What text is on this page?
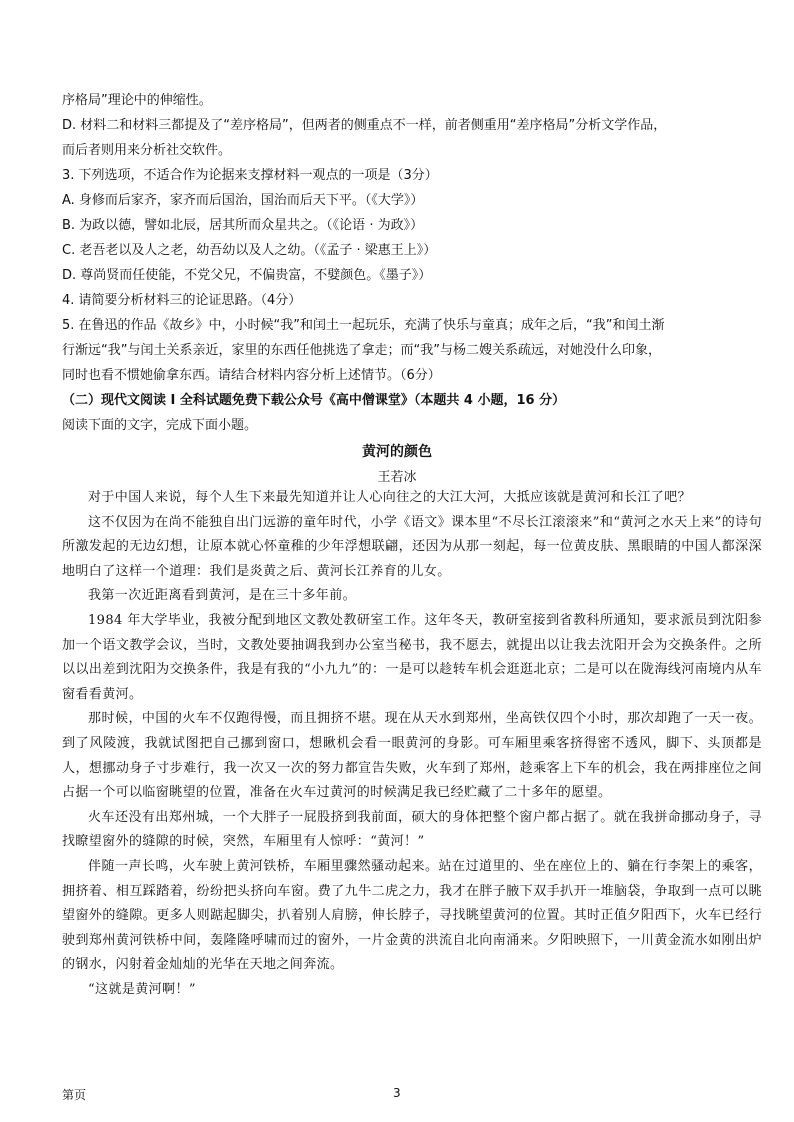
序格局”理论中的伸缩性。
D. 材料二和材料三都提及了“差序格局”，但两者的侧重点不一样，前者侧重用“差序格局”分析文学作品，
而后者则用来分析社交软件。
3. 下列选项，不适合作为论据来支撑材料一观点的一项是（3分）
A. 身修而后家齐，家齐而后国治，国治而后天下平。（《大学》）
B. 为政以德，譬如北辰，居其所而众星共之。（《论语 · 为政》）
C. 老吾老以及人之老，幼吾幼以及人之幼。（《孟子 · 梁惠王上》）
D. 尊尚贤而任使能，不党父兄，不偏贵富，不嬖颜色。《墨子》）
4. 请简要分析材料三的论证思路。（4分）
5. 在鲁迅的作品《故乡》中，小时候“我”和闰土一起玩乐，充满了快乐与童真；成年之后，“我”和闰土渐
行渐远“我”与闰土关系亲近，家里的东西任他挑选了拿走；而“我”与杨二嫂关系疏远，对她没什么印象，
同时也看不惯她偷拿东西。请结合材料内容分析上述情节。（6分）
（二）现代文阅读 I 全科试题免费下载公众号《高中僧课堂》（本题共 4 小题，16 分）
阅读下面的文字，完成下面小题。
黄河的颜色
王若冰

对于中国人来说，每个人生下来最先知道并让人心向往之的大江大河，大抵应该就是黄河和长江了吧？

这不仅因为在尚不能独自出门远游的童年时代，小学《语文》课本里“不尽长江滚滚来”和“黄河之水天上来”的诗句所激发起的无边幻想，让原本就心怀童稚的少年浮想联翩，还因为从那一刻起，每一位黄皮肤、黑眼睛的中国人都深深地明白了这样一个道理：我们是炎黄之后、黄河长江养育的儿女。

我第一次近距离看到黄河，是在三十多年前。

1984 年大学毕业，我被分配到地区文教处教研室工作。这年冬天，教研室接到省教科所通知，要求派员到沈阳参加一个语文教学会议，当时，文教处要抽调我到办公室当秘书，我不愿去，就提出以让我去沈阳开会为交换条件。之所以以出差到沈阳为交换条件，我是有我的“小九九”的：一是可以趁转车机会逛逛北京；二是可以在陇海线河南境内从车窗看看黄河。

那时候，中国的火车不仅跑得慢，而且拥挤不堪。现在从天水到郑州，坐高铁仅四个小时，那次却跑了一天一夜。到了风陵渡，我就试图把自己挪到窗口，想瞅机会看一眼黄河的身影。可车厢里乘客挤得密不透风，脚下、头顶都是人，想挪动身子寸步难行，我一次又一次的努力都宣告失败，火车到了郑州，趁乘客上下车的机会，我在两排座位之间占据一个可以临窗眺望的位置，准备在火车过黄河的时候满足我已经贮藏了二十多年的愿望。

火车还没有出郑州城，一个大胖子一屁股挤到我前面，硕大的身体把整个窗户都占据了。就在我拼命挪动身子，寻找瞭望窗外的缝隙的时候，突然，车厢里有人惊呼：“黄河！”

伴随一声长鸣，火车驶上黄河铁桥，车厢里骤然骚动起来。站在过道里的、坐在座位上的、躺在行李架上的乘客，拥挤着、相互踩踏着，纷纷把头挤向车窗。费了九牛二虎之力，我才在胖子腋下双手扒开一堆脑袋，争取到一点可以眺望窗外的缝隙。更多人则踮起脚尖，扒着别人肩膀，伸长脖子，寻找眺望黄河的位置。其时正值夕阳西下，火车已经行驶到郑州黄河铁桥中间，轰隆隆呼啸而过的窗外，一片金黄的洪流自北向南涌来。夕阳映照下，一川黄金流水如刚出炉的钢水，闪射着金灿灿的光华在天地之间奔流。

“这就是黄河啊！”

第页	3
